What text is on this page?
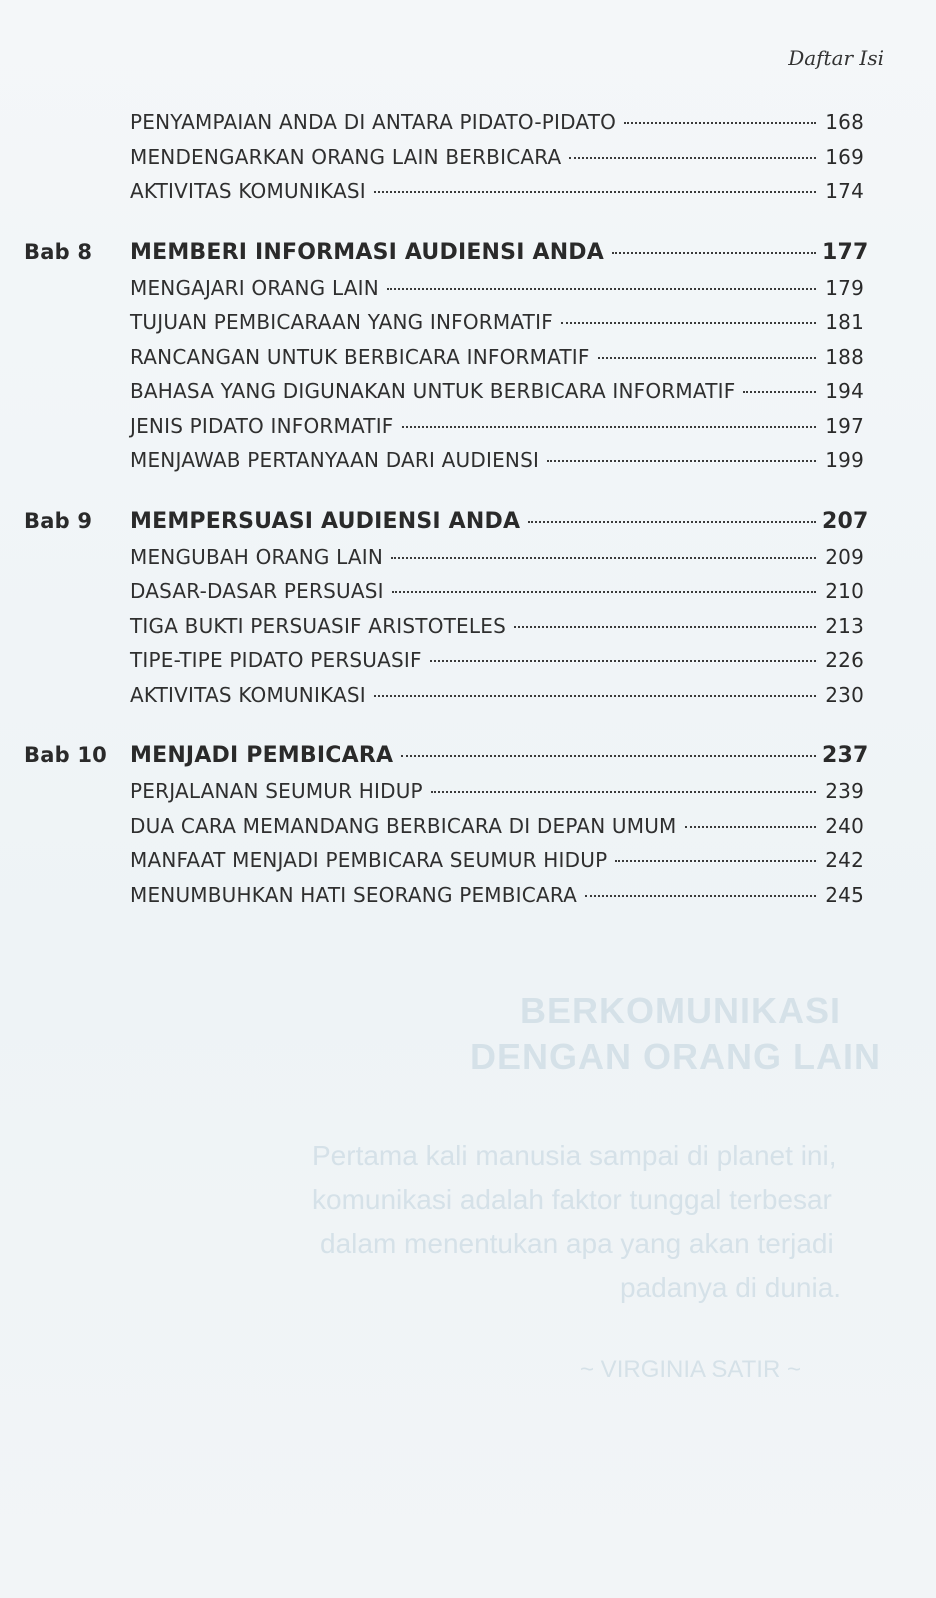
BERKOMUNIKASI
DENGAN ORANG LAIN
Pertama kali manusia sampai di planet ini,
komunikasi adalah faktor tunggal terbesar
dalam menentukan apa yang akan terjadi
padanya di dunia.
~ VIRGINIA SATIR ~
Daftar Isi
PENYAMPAIAN ANDA DI ANTARA PIDATO-PIDATO	168
MENDENGARKAN ORANG LAIN BERBICARA	169
AKTIVITAS KOMUNIKASI	174
Bab 8	MEMBERI INFORMASI AUDIENSI ANDA	177
MENGAJARI ORANG LAIN	179
TUJUAN PEMBICARAAN YANG INFORMATIF	181
RANCANGAN UNTUK BERBICARA INFORMATIF	188
BAHASA YANG DIGUNAKAN UNTUK BERBICARA INFORMATIF	194
JENIS PIDATO INFORMATIF	197
MENJAWAB PERTANYAAN DARI AUDIENSI	199
Bab 9	MEMPERSUASI AUDIENSI ANDA	207
MENGUBAH ORANG LAIN	209
DASAR-DASAR PERSUASI	210
TIGA BUKTI PERSUASIF ARISTOTELES	213
TIPE-TIPE PIDATO PERSUASIF	226
AKTIVITAS KOMUNIKASI	230
Bab 10	MENJADI PEMBICARA	237
PERJALANAN SEUMUR HIDUP	239
DUA CARA MEMANDANG BERBICARA DI DEPAN UMUM	240
MANFAAT MENJADI PEMBICARA SEUMUR HIDUP	242
MENUMBUHKAN HATI SEORANG PEMBICARA	245
